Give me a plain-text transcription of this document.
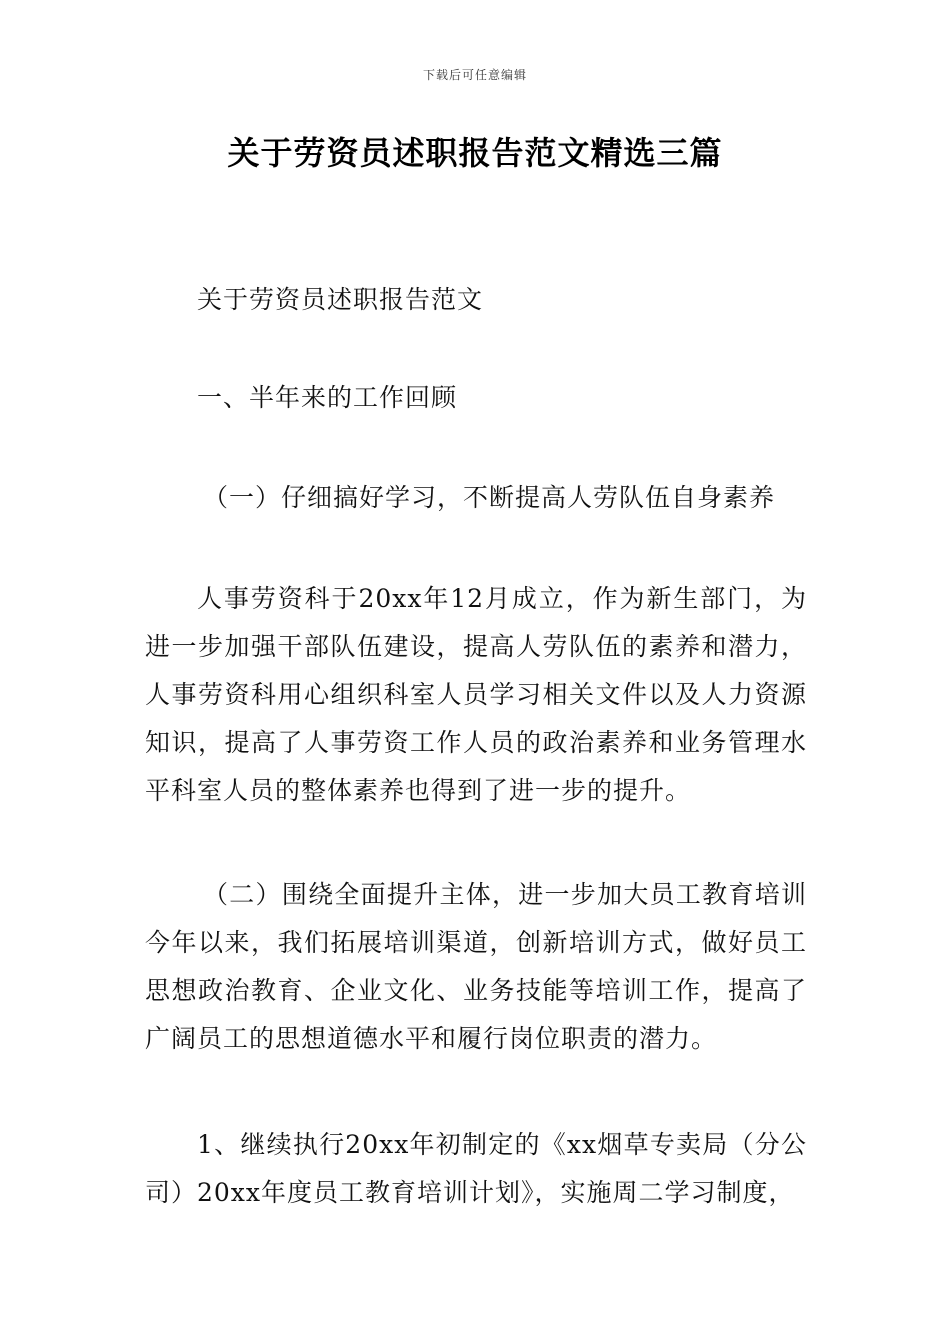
下载后可任意编辑
关于劳资员述职报告范文精选三篇

关于劳资员述职报告范文

一、半年来的工作回顾

（一）仔细搞好学习，不断提高人劳队伍自身素养

人事劳资科于20xx年12月成立，作为新生部门，为进一步加强干部队伍建设，提高人劳队伍的素养和潜力，人事劳资科用心组织科室人员学习相关文件以及人力资源知识，提高了人事劳资工作人员的政治素养和业务管理水平科室人员的整体素养也得到了进一步的提升。

（二）围绕全面提升主体，进一步加大员工教育培训今年以来，我们拓展培训渠道，创新培训方式，做好员工思想政治教育、企业文化、业务技能等培训工作，提高了广阔员工的思想道德水平和履行岗位职责的潜力。

1、继续执行20xx年初制定的《xx烟草专卖局（分公司）20xx年度员工教育培训计划》，实施周二学习制度，
